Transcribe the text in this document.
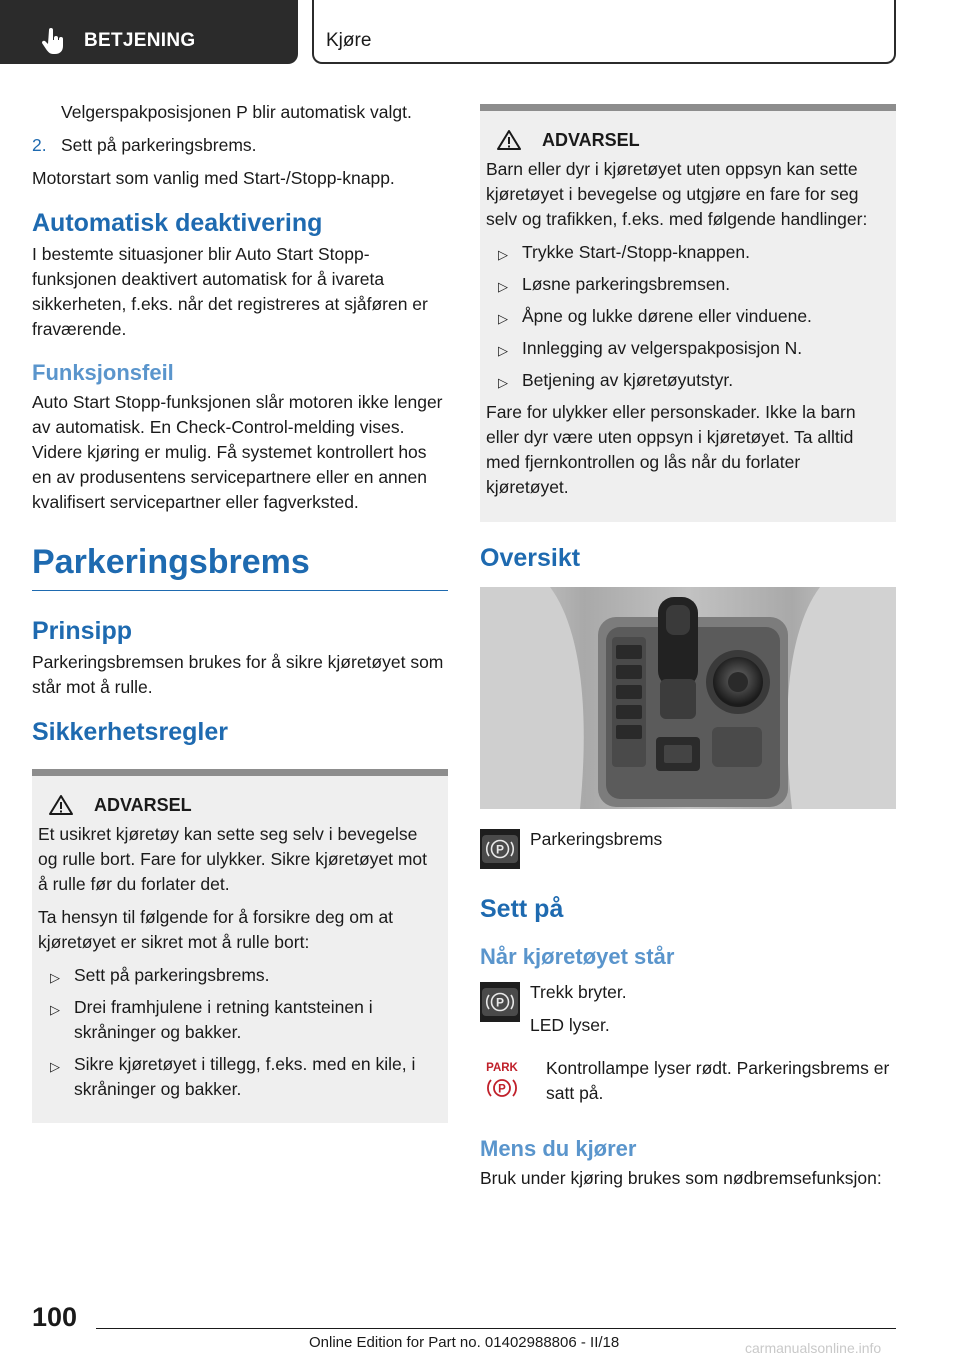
BETJENING	Kjøre
Velgerspakposisjonen P blir automatisk valgt.
2. Sett på parkeringsbrems.
Motorstart som vanlig med Start-/Stopp-knapp.
Automatisk deaktivering
I bestemte situasjoner blir Auto Start Stopp-funksjonen deaktivert automatisk for å ivareta sikkerheten, f.eks. når det registreres at sjåføren er fraværende.
Funksjonsfeil
Auto Start Stopp-funksjonen slår motoren ikke lenger av automatisk. En Check-Control-melding vises. Videre kjøring er mulig. Få systemet kontrollert hos en av produsentens servicepartnere eller en annen kvalifisert servicepartner eller fagverksted.
Parkeringsbrems
Prinsipp
Parkeringsbremsen brukes for å sikre kjøretøyet som står mot å rulle.
Sikkerhetsregler
ADVARSEL
Et usikret kjøretøy kan sette seg selv i bevegelse og rulle bort. Fare for ulykker. Sikre kjøretøyet mot å rulle før du forlater det.
Ta hensyn til følgende for å forsikre deg om at kjøretøyet er sikret mot å rulle bort:
▷ Sett på parkeringsbrems.
▷ Drei framhjulene i retning kantsteinen i skråninger og bakker.
▷ Sikre kjøretøyet i tillegg, f.eks. med en kile, i skråninger og bakker.
ADVARSEL
Barn eller dyr i kjøretøyet uten oppsyn kan sette kjøretøyet i bevegelse og utgjøre en fare for seg selv og trafikken, f.eks. med følgende handlinger:
▷ Trykke Start-/Stopp-knappen.
▷ Løsne parkeringsbremsen.
▷ Åpne og lukke dørene eller vinduene.
▷ Innlegging av velgerspakposisjon N.
▷ Betjening av kjøretøyutstyr.
Fare for ulykker eller personskader. Ikke la barn eller dyr være uten oppsyn i kjøretøyet. Ta alltid med fjernkontrollen og lås når du forlater kjøretøyet.
Oversikt
P
Parkeringsbrems
Sett på
Når kjøretøyet står
P
Trekk bryter.
LED lyser.
PARK
P
Kontrollampe lyser rødt. Parkeringsbrems er satt på.
Mens du kjører
Bruk under kjøring brukes som nødbremsefunksjon:
100
Online Edition for Part no. 01402988806 - II/18	carmanualsonline.info
